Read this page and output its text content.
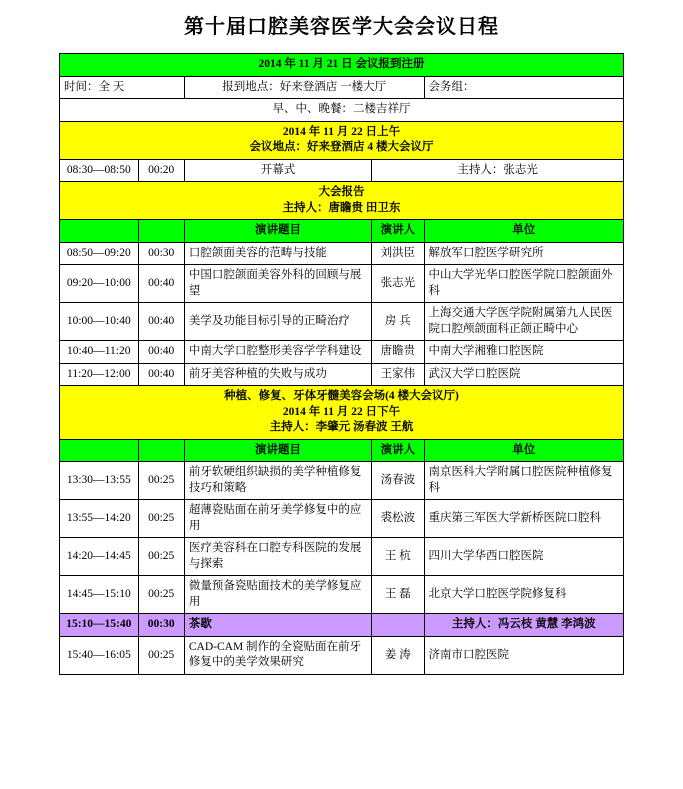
第十届口腔美容医学大会会议日程
2014 年 11 月 21 日 会议报到注册				
时间：全 天		报到地点：好来登酒店 一楼大厅		会务组：
早、中、晚餐：二楼吉祥厅				

2014 年 11 月 22 日上午
会议地点：好来登酒店 4 楼大会议厅				

08:30—08:50	00:20	开幕式	主持人：张志光	

大会报告
主持人：唐瞻贵 田卫东				

		演讲题目	演讲人	单位
08:50—09:20	00:30	口腔颌面美容的范畴与技能	刘洪臣	解放军口腔医学研究所
09:20—10:00	00:40	中国口腔颌面美容外科的回顾与展望	张志光	中山大学光华口腔医学院口腔颌面外科
10:00—10:40	00:40	美学及功能目标引导的正畸治疗	房 兵	上海交通大学医学院附属第九人民医院口腔颅颌面科正颌正畸中心
10:40—11:20	00:40	中南大学口腔整形美容学学科建设	唐瞻贵	中南大学湘雅口腔医院
11:20—12:00	00:40	前牙美容种植的失败与成功	王家伟	武汉大学口腔医院

种植、修复、牙体牙髓美容会场(4 楼大会议厅)
2014 年 11 月 22 日下午
主持人：李肇元 汤春波 王航				

		演讲题目	演讲人	单位
13:30—13:55	00:25	前牙软硬组织缺损的美学种植修复技巧和策略	汤春波	南京医科大学附属口腔医院种植修复科
13:55—14:20	00:25	超薄瓷贴面在前牙美学修复中的应用	裘松波	重庆第三军医大学新桥医院口腔科
14:20—14:45	00:25	医疗美容科在口腔专科医院的发展与探索	王 杭	四川大学华西口腔医院
14:45—15:10	00:25	微量预备瓷贴面技术的美学修复应用	王 磊	北京大学口腔医学院修复科
15:10—15:40	00:30	茶歇		主持人：冯云枝 黄慧 李鸿波
15:40—16:05	00:25	CAD-CAM 制作的全瓷贴面在前牙修复中的美学效果研究	姜 涛	济南市口腔医院
